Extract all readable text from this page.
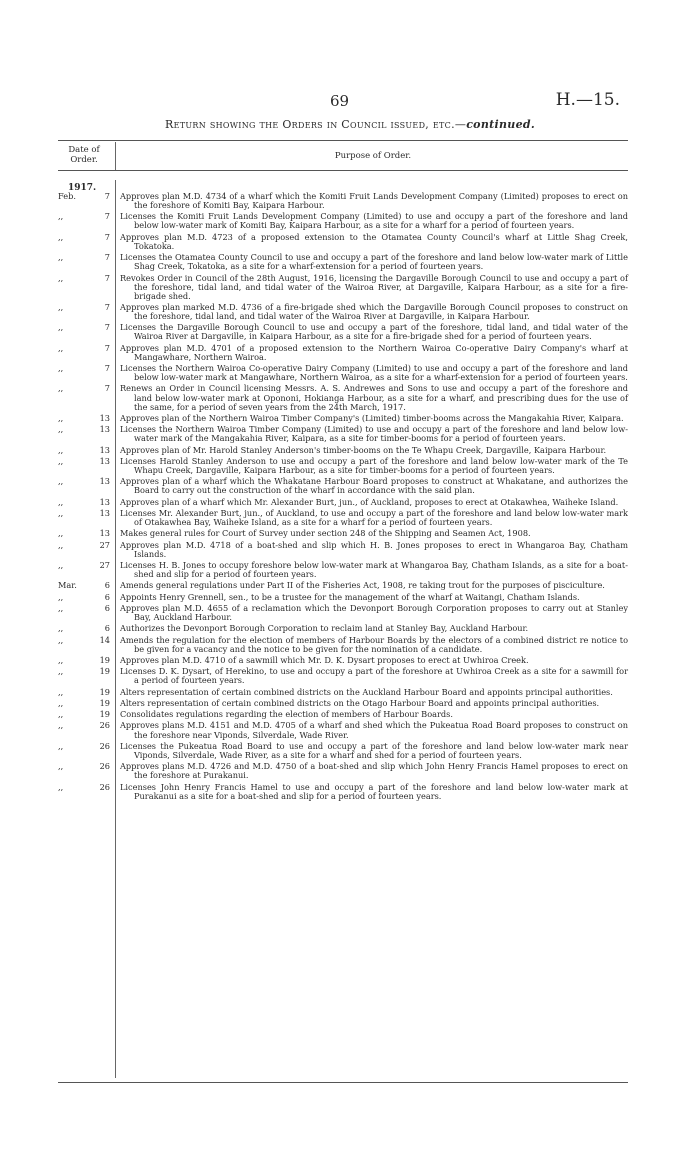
69	H.—15.
Return showing the Orders in Council issued, etc.—continued.
Date of
Order.	Purpose of Order.
1917.
Feb.	7	Approves plan M.D. 4734 of a wharf which the Komiti Fruit Lands Development Company (Limited) proposes to erect on the foreshore of Komiti Bay, Kaipara Harbour.
,,	7	Licenses the Komiti Fruit Lands Development Company (Limited) to use and occupy a part of the foreshore and land below low-water mark of Komiti Bay, Kaipara Harbour, as a site for a wharf for a period of fourteen years.
,,	7	Approves plan M.D. 4723 of a proposed extension to the Otamatea County Council's wharf at Little Shag Creek, Tokatoka.
,,	7	Licenses the Otamatea County Council to use and occupy a part of the foreshore and land below low-water mark of Little Shag Creek, Tokatoka, as a site for a wharf-extension for a period of fourteen years.
,,	7	Revokes Order in Council of the 28th August, 1916, licensing the Dargaville Borough Council to use and occupy a part of the foreshore, tidal land, and tidal water of the Wairoa River, at Dargaville, Kaipara Harbour, as a site for a fire-brigade shed.
,,	7	Approves plan marked M.D. 4736 of a fire-brigade shed which the Dargaville Borough Council proposes to construct on the foreshore, tidal land, and tidal water of the Wairoa River at Dargaville, in Kaipara Harbour.
,,	7	Licenses the Dargaville Borough Council to use and occupy a part of the foreshore, tidal land, and tidal water of the Wairoa River at Dargaville, in Kaipara Harbour, as a site for a fire-brigade shed for a period of fourteen years.
,,	7	Approves plan M.D. 4701 of a proposed extension to the Northern Wairoa Co-operative Dairy Company's wharf at Mangawhare, Northern Wairoa.
,,	7	Licenses the Northern Wairoa Co-operative Dairy Company (Limited) to use and occupy a part of the foreshore and land below low-water mark at Mangawhare, Northern Wairoa, as a site for a wharf-extension for a period of fourteen years.
,,	7	Renews an Order in Council licensing Messrs. A. S. Andrewes and Sons to use and occupy a part of the foreshore and land below low-water mark at Opononi, Hokianga Harbour, as a site for a wharf, and prescribing dues for the use of the same, for a period of seven years from the 24th March, 1917.
,,	13	Approves plan of the Northern Wairoa Timber Company's (Limited) timber-booms across the Mangakahia River, Kaipara.
,,	13	Licenses the Northern Wairoa Timber Company (Limited) to use and occupy a part of the foreshore and land below low-water mark of the Mangakahia River, Kaipara, as a site for timber-booms for a period of fourteen years.
,,	13	Approves plan of Mr. Harold Stanley Anderson's timber-booms on the Te Whapu Creek, Dargaville, Kaipara Harbour.
,,	13	Licenses Harold Stanley Anderson to use and occupy a part of the foreshore and land below low-water mark of the Te Whapu Creek, Dargaville, Kaipara Harbour, as a site for timber-booms for a period of fourteen years.
,,	13	Approves plan of a wharf which the Whakatane Harbour Board proposes to construct at Whakatane, and authorizes the Board to carry out the construction of the wharf in accordance with the said plan.
,,	13	Approves plan of a wharf which Mr. Alexander Burt, jun., of Auckland, proposes to erect at Otakawhea, Waiheke Island.
,,	13	Licenses Mr. Alexander Burt, jun., of Auckland, to use and occupy a part of the foreshore and land below low-water mark of Otakawhea Bay, Waiheke Island, as a site for a wharf for a period of fourteen years.
,,	13	Makes general rules for Court of Survey under section 248 of the Shipping and Seamen Act, 1908.
,,	27	Approves plan M.D. 4718 of a boat-shed and slip which H. B. Jones proposes to erect in Whangaroa Bay, Chatham Islands.
,,	27	Licenses H. B. Jones to occupy foreshore below low-water mark at Whangaroa Bay, Chatham Islands, as a site for a boat-shed and slip for a period of fourteen years.
Mar.	6	Amends general regulations under Part II of the Fisheries Act, 1908, re taking trout for the purposes of pisciculture.
,,	6	Appoints Henry Grennell, sen., to be a trustee for the management of the wharf at Waitangi, Chatham Islands.
,,	6	Approves plan M.D. 4655 of a reclamation which the Devonport Borough Corporation proposes to carry out at Stanley Bay, Auckland Harbour.
,,	6	Authorizes the Devonport Borough Corporation to reclaim land at Stanley Bay, Auckland Harbour.
,,	14	Amends the regulation for the election of members of Harbour Boards by the electors of a combined district re notice to be given for a vacancy and the notice to be given for the nomination of a candidate.
,,	19	Approves plan M.D. 4710 of a sawmill which Mr. D. K. Dysart proposes to erect at Uwhiroa Creek.
,,	19	Licenses D. K. Dysart, of Herekino, to use and occupy a part of the foreshore at Uwhiroa Creek as a site for a sawmill for a period of fourteen years.
,,	19	Alters representation of certain combined districts on the Auckland Harbour Board and appoints principal authorities.
,,	19	Alters representation of certain combined districts on the Otago Harbour Board and appoints principal authorities.
,,	19	Consolidates regulations regarding the election of members of Harbour Boards.
,,	26	Approves plans M.D. 4151 and M.D. 4705 of a wharf and shed which the Pukeatua Road Board proposes to construct on the foreshore near Viponds, Silverdale, Wade River.
,,	26	Licenses the Pukeatua Road Board to use and occupy a part of the foreshore and land below low-water mark near Viponds, Silverdale, Wade River, as a site for a wharf and shed for a period of fourteen years.
,,	26	Approves plans M.D. 4726 and M.D. 4750 of a boat-shed and slip which John Henry Francis Hamel proposes to erect on the foreshore at Purakanui.
,,	26	Licenses John Henry Francis Hamel to use and occupy a part of the foreshore and land below low-water mark at Purakanui as a site for a boat-shed and slip for a period of fourteen years.
